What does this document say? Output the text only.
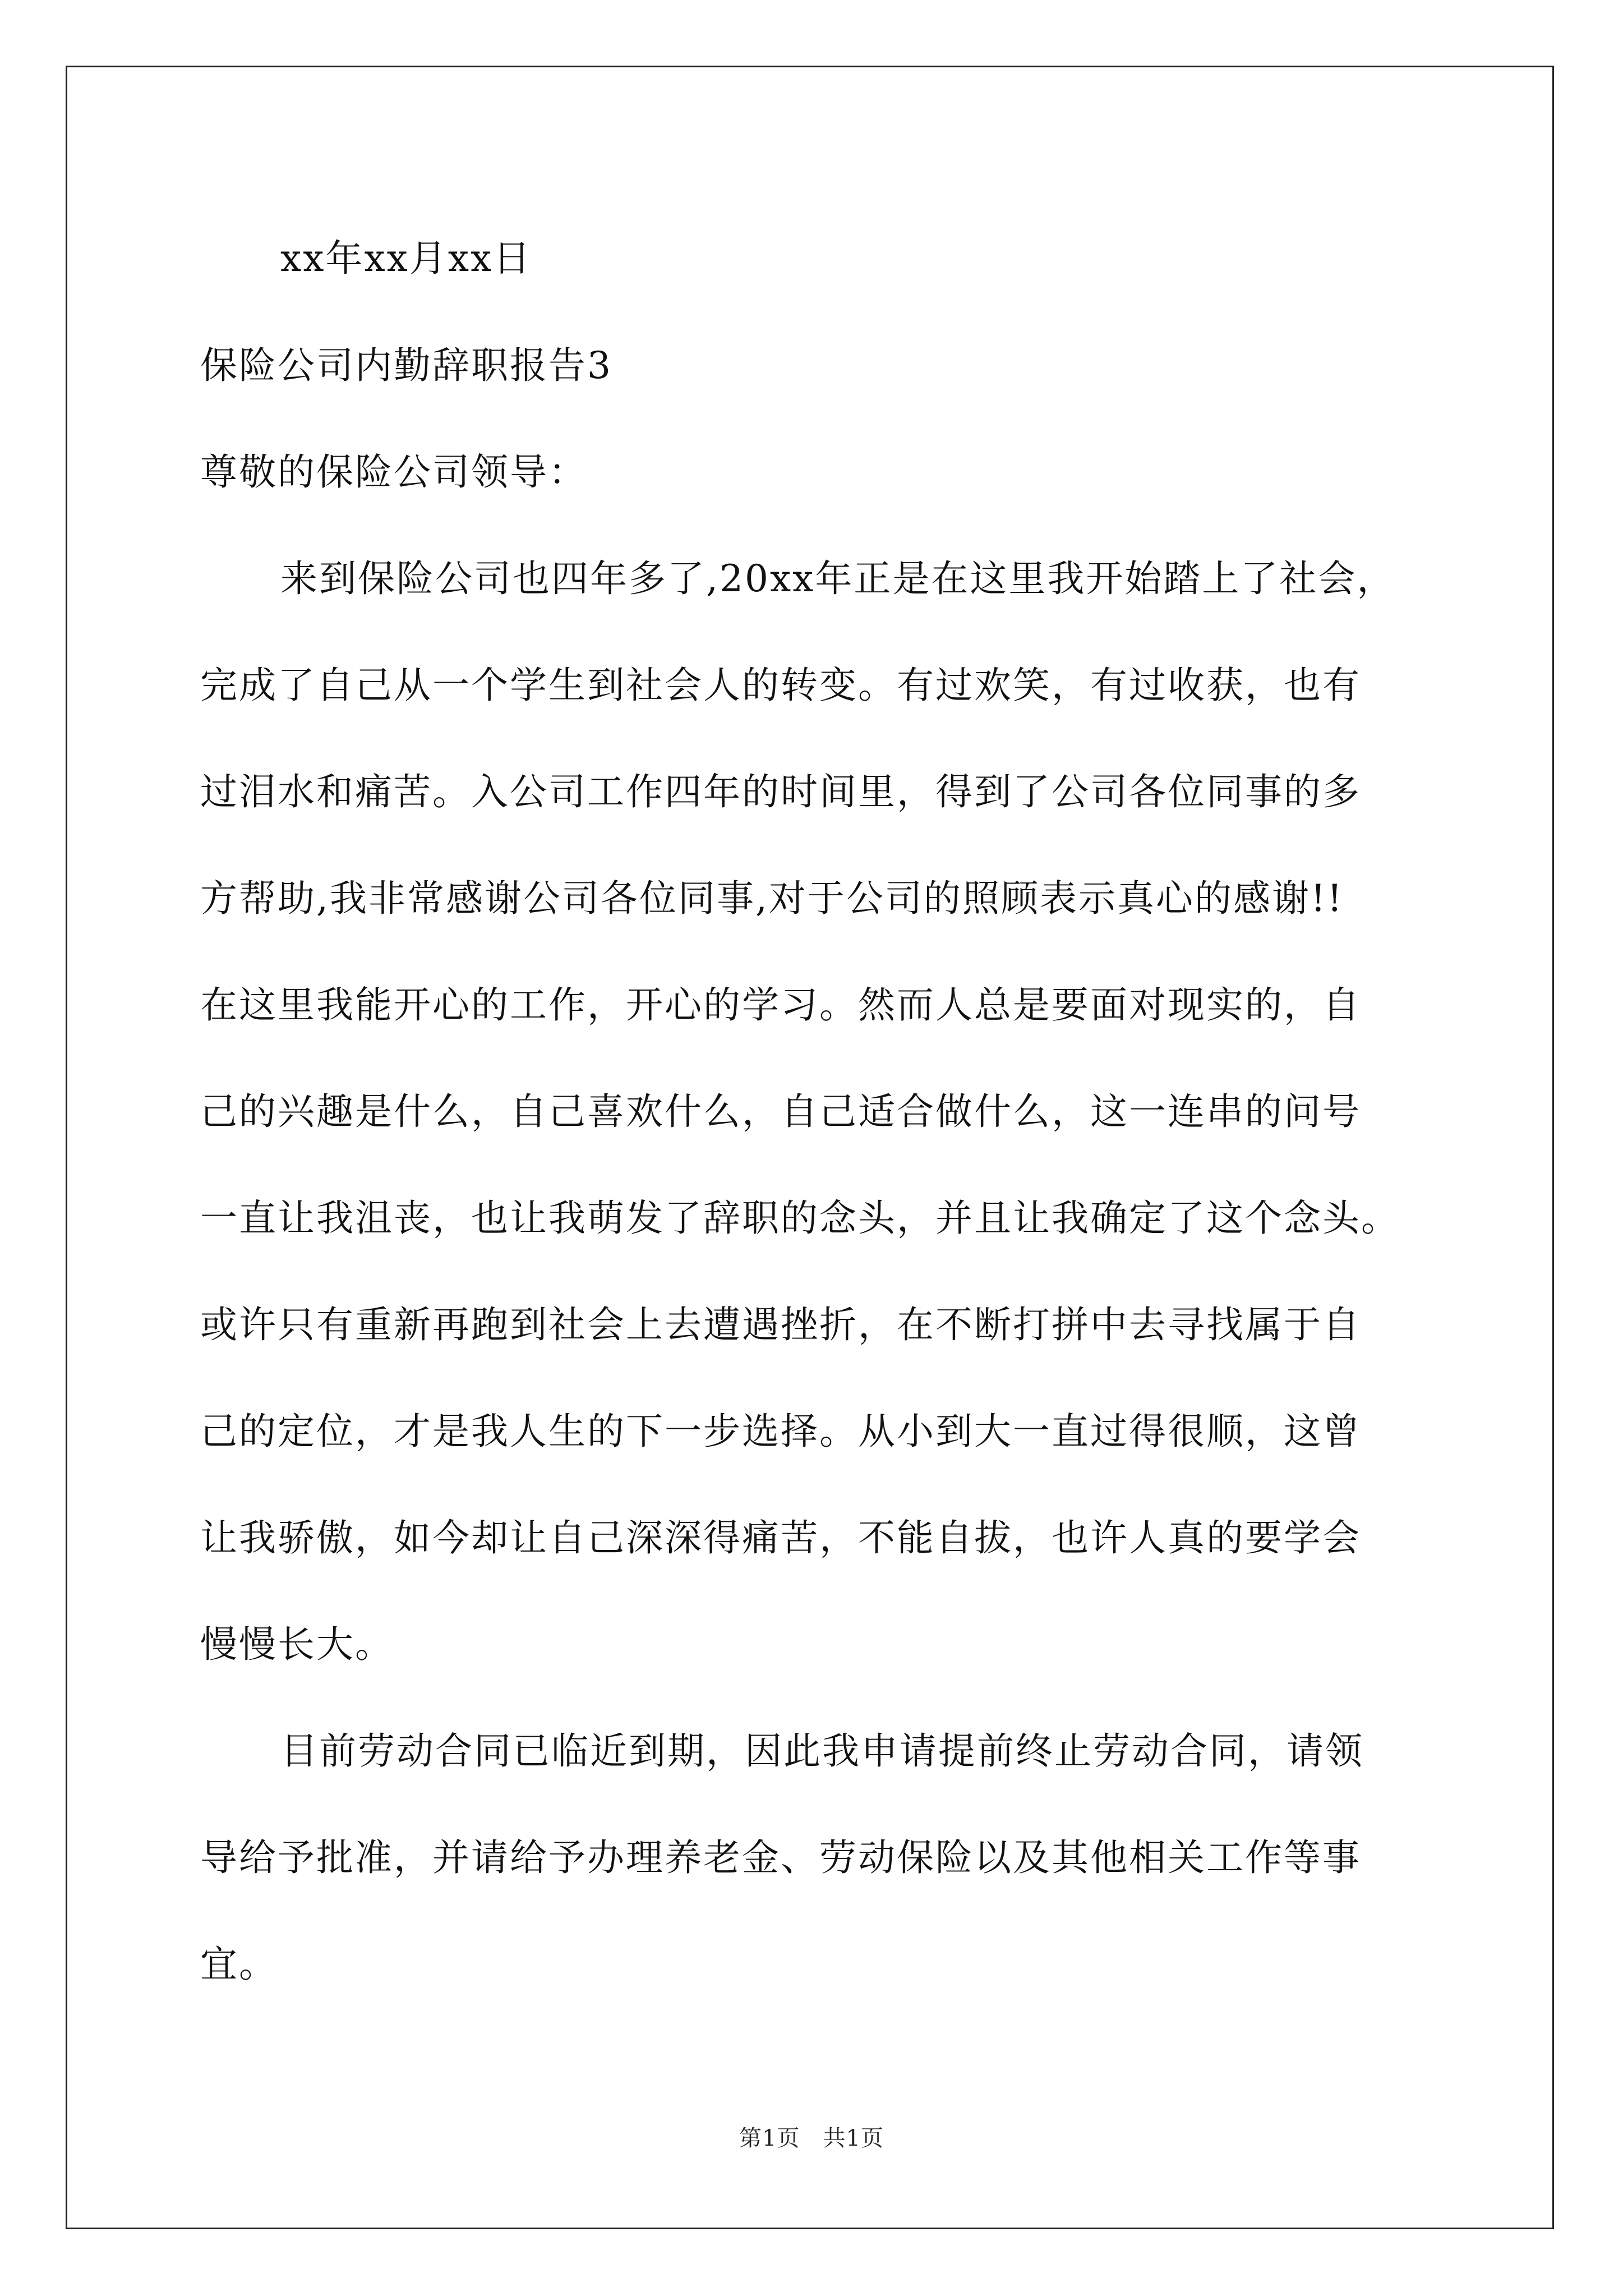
xx年xx月xx日
保险公司内勤辞职报告3
尊敬的保险公司领导：
来到保险公司也四年多了,20xx年正是在这里我开始踏上了社会，
完成了自己从一个学生到社会人的转变。有过欢笑，有过收获，也有
过泪水和痛苦。入公司工作四年的时间里，得到了公司各位同事的多
方帮助,我非常感谢公司各位同事,对于公司的照顾表示真心的感谢!!
在这里我能开心的工作，开心的学习。然而人总是要面对现实的，自
己的兴趣是什么，自己喜欢什么，自己适合做什么，这一连串的问号
一直让我沮丧，也让我萌发了辞职的念头，并且让我确定了这个念头。
或许只有重新再跑到社会上去遭遇挫折，在不断打拼中去寻找属于自
己的定位，才是我人生的下一步选择。从小到大一直过得很顺，这曾
让我骄傲，如今却让自己深深得痛苦，不能自拔，也许人真的要学会
慢慢长大。
目前劳动合同已临近到期，因此我申请提前终止劳动合同，请领
导给予批准，并请给予办理养老金、劳动保险以及其他相关工作等事
宜。
第1页　共1页
